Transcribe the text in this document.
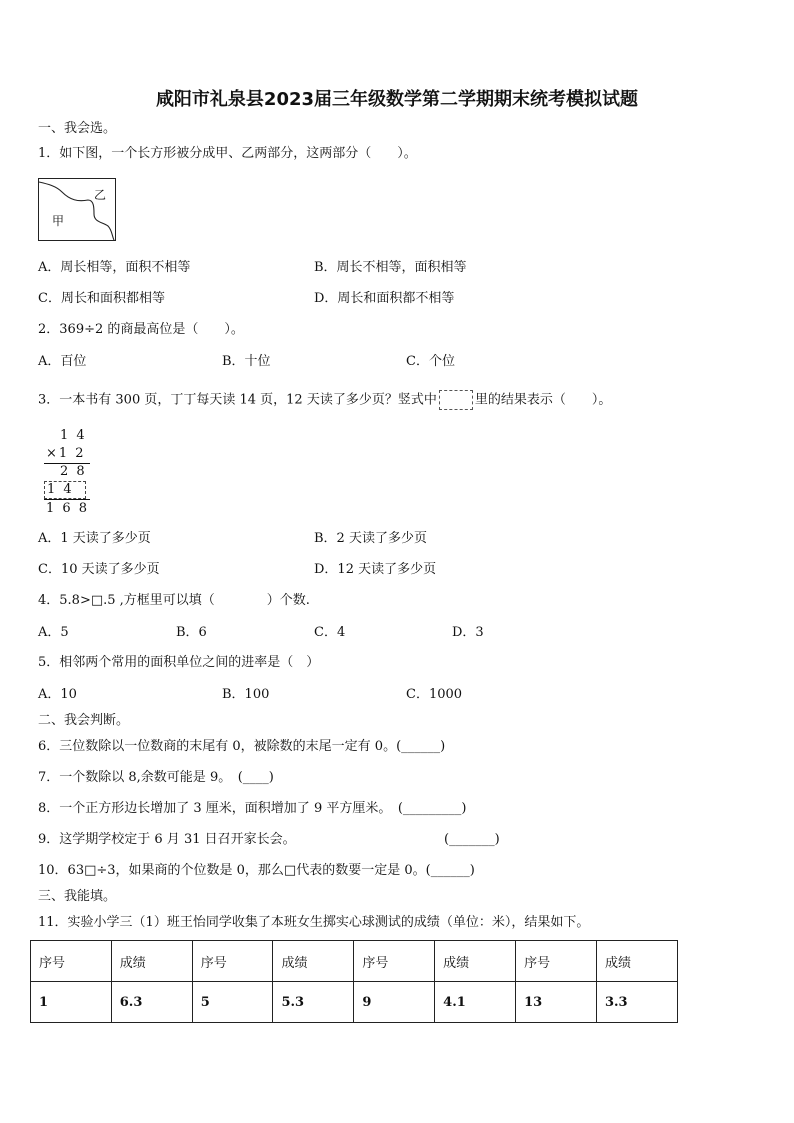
咸阳市礼泉县2023届三年级数学第二学期期末统考模拟试题
一、我会选。
1．如下图，一个长方形被分成甲、乙两部分，这两部分（　　）。
乙
甲
A．周长相等，面积不相等	B．周长不相等，面积相等
C．周长和面积都相等	D．周长和面积都不相等
2．369÷2 的商最高位是（　　）。
A．百位	B．十位	C．个位
3．一本书有 300 页，丁丁每天读 14 页，12 天读了多少页？竖式中	里的结果表示（　　）。
1 4
×1 2
2 8
1 4
1 6 8
A．1 天读了多少页	B．2 天读了多少页
C．10 天读了多少页	D．12 天读了多少页
4．5.8>□.5 ,方框里可以填（　　　　）个数.
A．5	B．6	C．4	D．3
5．相邻两个常用的面积单位之间的进率是（　）
A．10	B．100	C．1000
二、我会判断。
6．三位数除以一位数商的末尾有 0，被除数的末尾一定有 0。(______)
7．一个数除以 8,余数可能是 9。　(____)
8．一个正方形边长增加了 3 厘米，面积增加了 9 平方厘米。　(_________)
9．这学期学校定于 6 月 31 日召开家长会。	(_______)
10．63□÷3，如果商的个位数是 0，那么□代表的数要一定是 0。(______)
三、我能填。
11．实验小学三（1）班王怡同学收集了本班女生掷实心球测试的成绩（单位：米），结果如下。
序号	成绩	序号	成绩	序号	成绩	序号	成绩
1	6.3	5	5.3	9	4.1	13	3.3
